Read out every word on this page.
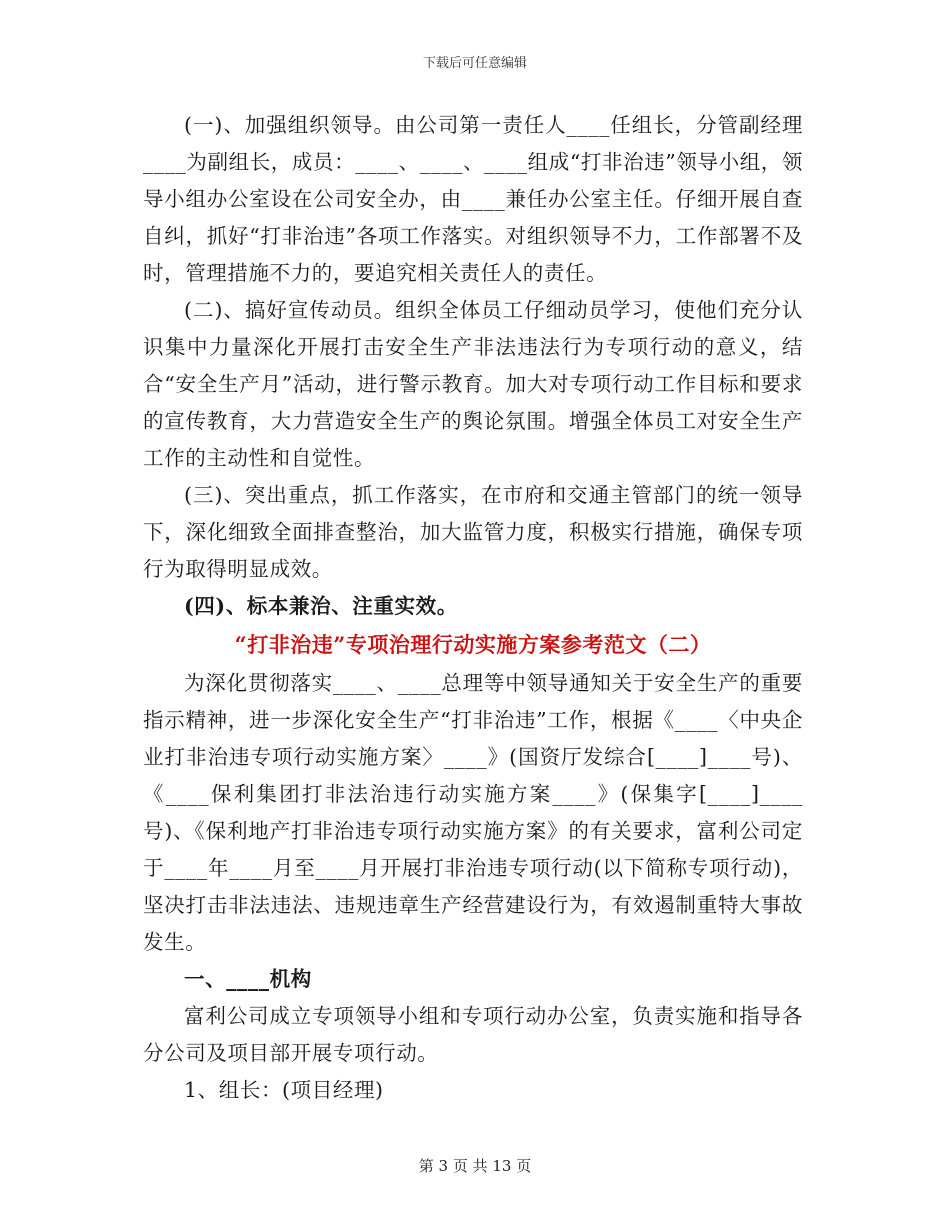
下载后可任意编辑

(一)、加强组织领导。由公司第一责任人____任组长，分管副经理____为副组长，成员：____、____、____组成“打非治违”领导小组，领导小组办公室设在公司安全办，由____兼任办公室主任。仔细开展自查自纠，抓好“打非治违”各项工作落实。对组织领导不力，工作部署不及时，管理措施不力的，要追究相关责任人的责任。

(二)、搞好宣传动员。组织全体员工仔细动员学习，使他们充分认识集中力量深化开展打击安全生产非法违法行为专项行动的意义，结合“安全生产月”活动，进行警示教育。加大对专项行动工作目标和要求的宣传教育，大力营造安全生产的舆论氛围。增强全体员工对安全生产工作的主动性和自觉性。

(三)、突出重点，抓工作落实，在市府和交通主管部门的统一领导下，深化细致全面排查整治，加大监管力度，积极实行措施，确保专项行为取得明显成效。

(四)、标本兼治、注重实效。

“打非治违”专项治理行动实施方案参考范文（二）

为深化贯彻落实____、____总理等中领导通知关于安全生产的重要指示精神，进一步深化安全生产“打非治违”工作，根据《____〈中央企业打非治违专项行动实施方案〉____》(国资厅发综合[____]____号)、《____保利集团打非法治违行动实施方案____》(保集字[____]____号)、《保利地产打非治违专项行动实施方案》的有关要求，富利公司定于____年____月至____月开展打非治违专项行动(以下简称专项行动)，坚决打击非法违法、违规违章生产经营建设行为，有效遏制重特大事故发生。

一、____机构

富利公司成立专项领导小组和专项行动办公室，负责实施和指导各分公司及项目部开展专项行动。

1、组长：(项目经理)

第 3 页 共 13 页
